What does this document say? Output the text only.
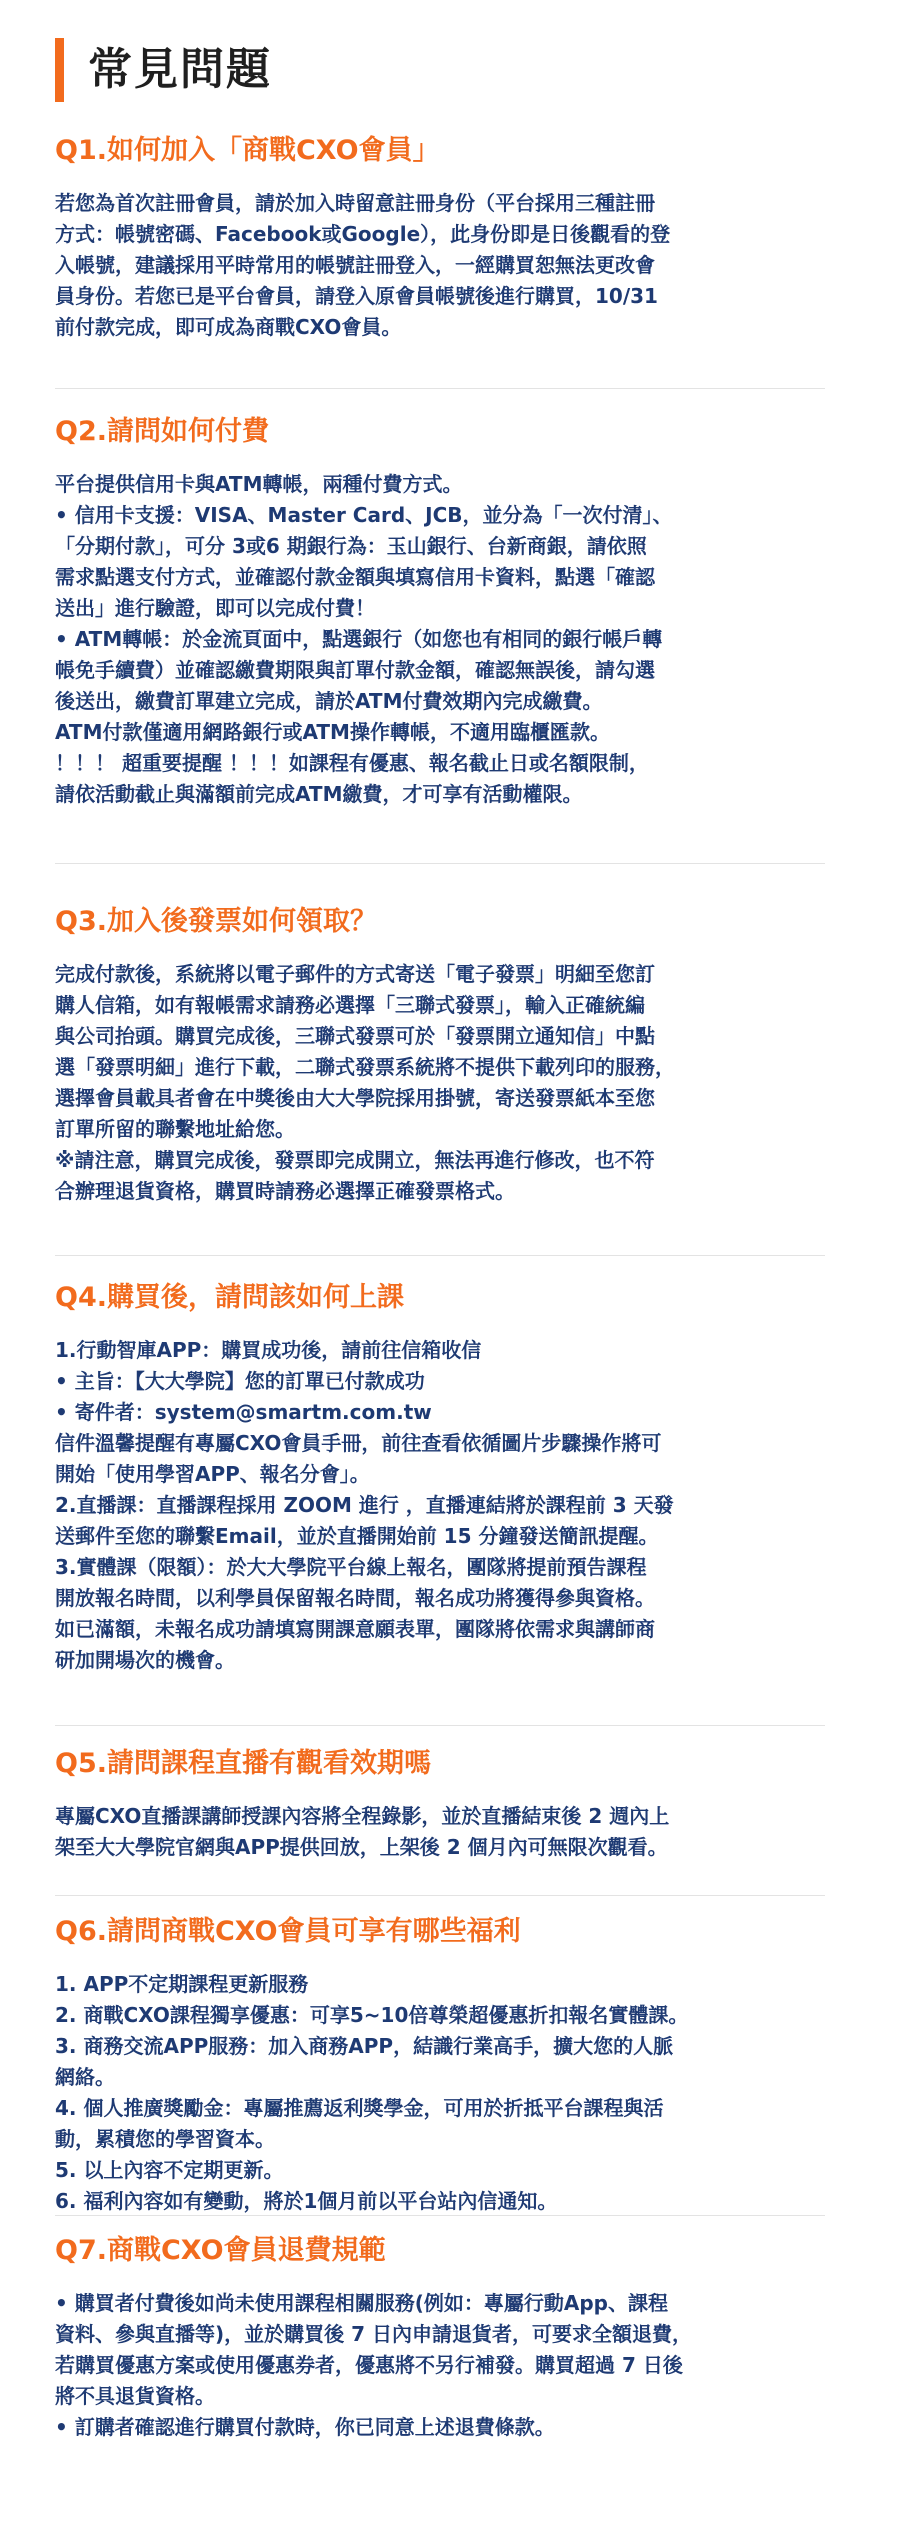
常見問題
Q1.如何加入「商戰CXO會員」

若您為首次註冊會員，請於加入時留意註冊身份（平台採用三種註冊

方式：帳號密碼、Facebook或Google），此身份即是日後觀看的登

入帳號，建議採用平時常用的帳號註冊登入，一經購買恕無法更改會

員身份。若您已是平台會員，請登入原會員帳號後進行購買，10/31

前付款完成，即可成為商戰CXO會員。

Q2.請問如何付費

平台提供信用卡與ATM轉帳，兩種付費方式。

• 信用卡支援：VISA、Master Card、JCB，並分為「一次付清」、

「分期付款」，可分 3或6 期銀行為：玉山銀行、台新商銀，請依照

需求點選支付方式，並確認付款金額與填寫信用卡資料，點選「確認

送出」進行驗證，即可以完成付費！

• ATM轉帳：於金流頁面中，點選銀行（如您也有相同的銀行帳戶轉

帳免手續費）並確認繳費期限與訂單付款金額，確認無誤後，請勾選

後送出，繳費訂單建立完成，請於ATM付費效期內完成繳費。

ATM付款僅適用網路銀行或ATM操作轉帳，不適用臨櫃匯款。

！！！ 超重要提醒 ！！！如課程有優惠、報名截止日或名額限制，

請依活動截止與滿額前完成ATM繳費，才可享有活動權限。

Q3.加入後發票如何領取？

完成付款後，系統將以電子郵件的方式寄送「電子發票」明細至您訂

購人信箱，如有報帳需求請務必選擇「三聯式發票」，輸入正確統編

與公司抬頭。購買完成後，三聯式發票可於「發票開立通知信」中點

選「發票明細」進行下載，二聯式發票系統將不提供下載列印的服務，

選擇會員載具者會在中獎後由大大學院採用掛號，寄送發票紙本至您

訂單所留的聯繫地址給您。

※請注意，購買完成後，發票即完成開立，無法再進行修改，也不符

合辦理退貨資格，購買時請務必選擇正確發票格式。

Q4.購買後，請問該如何上課

1.行動智庫APP：購買成功後，請前往信箱收信

• 主旨：【大大學院】您的訂單已付款成功

• 寄件者：system@smartm.com.tw

信件溫馨提醒有專屬CXO會員手冊，前往查看依循圖片步驟操作將可

開始「使用學習APP、報名分會」。

2.直播課：直播課程採用 ZOOM 進行 ，直播連結將於課程前 3 天發

送郵件至您的聯繫Email，並於直播開始前 15 分鐘發送簡訊提醒。

3.實體課（限額）：於大大學院平台線上報名，團隊將提前預告課程

開放報名時間，以利學員保留報名時間，報名成功將獲得參與資格。

如已滿額，未報名成功請填寫開課意願表單，團隊將依需求與講師商

研加開場次的機會。

Q5.請問課程直播有觀看效期嗎

專屬CXO直播課講師授課內容將全程錄影，並於直播結束後 2 週內上

架至大大學院官網與APP提供回放，上架後 2 個月內可無限次觀看。

Q6.請問商戰CXO會員可享有哪些福利

1. APP不定期課程更新服務

2. 商戰CXO課程獨享優惠：可享5~10倍尊榮超優惠折扣報名實體課。

3. 商務交流APP服務：加入商務APP，結識行業高手，擴大您的人脈

網絡。

4. 個人推廣獎勵金：專屬推薦返利獎學金，可用於折抵平台課程與活

動，累積您的學習資本。

5. 以上內容不定期更新。

6. 福利內容如有變動，將於1個月前以平台站內信通知。

Q7.商戰CXO會員退費規範

• 購買者付費後如尚未使用課程相關服務(例如：專屬行動App、課程

資料、參與直播等)，並於購買後 7 日內申請退貨者，可要求全額退費，

若購買優惠方案或使用優惠券者，優惠將不另行補發。購買超過 7 日後

將不具退貨資格。

• 訂購者確認進行購買付款時，你已同意上述退費條款。
